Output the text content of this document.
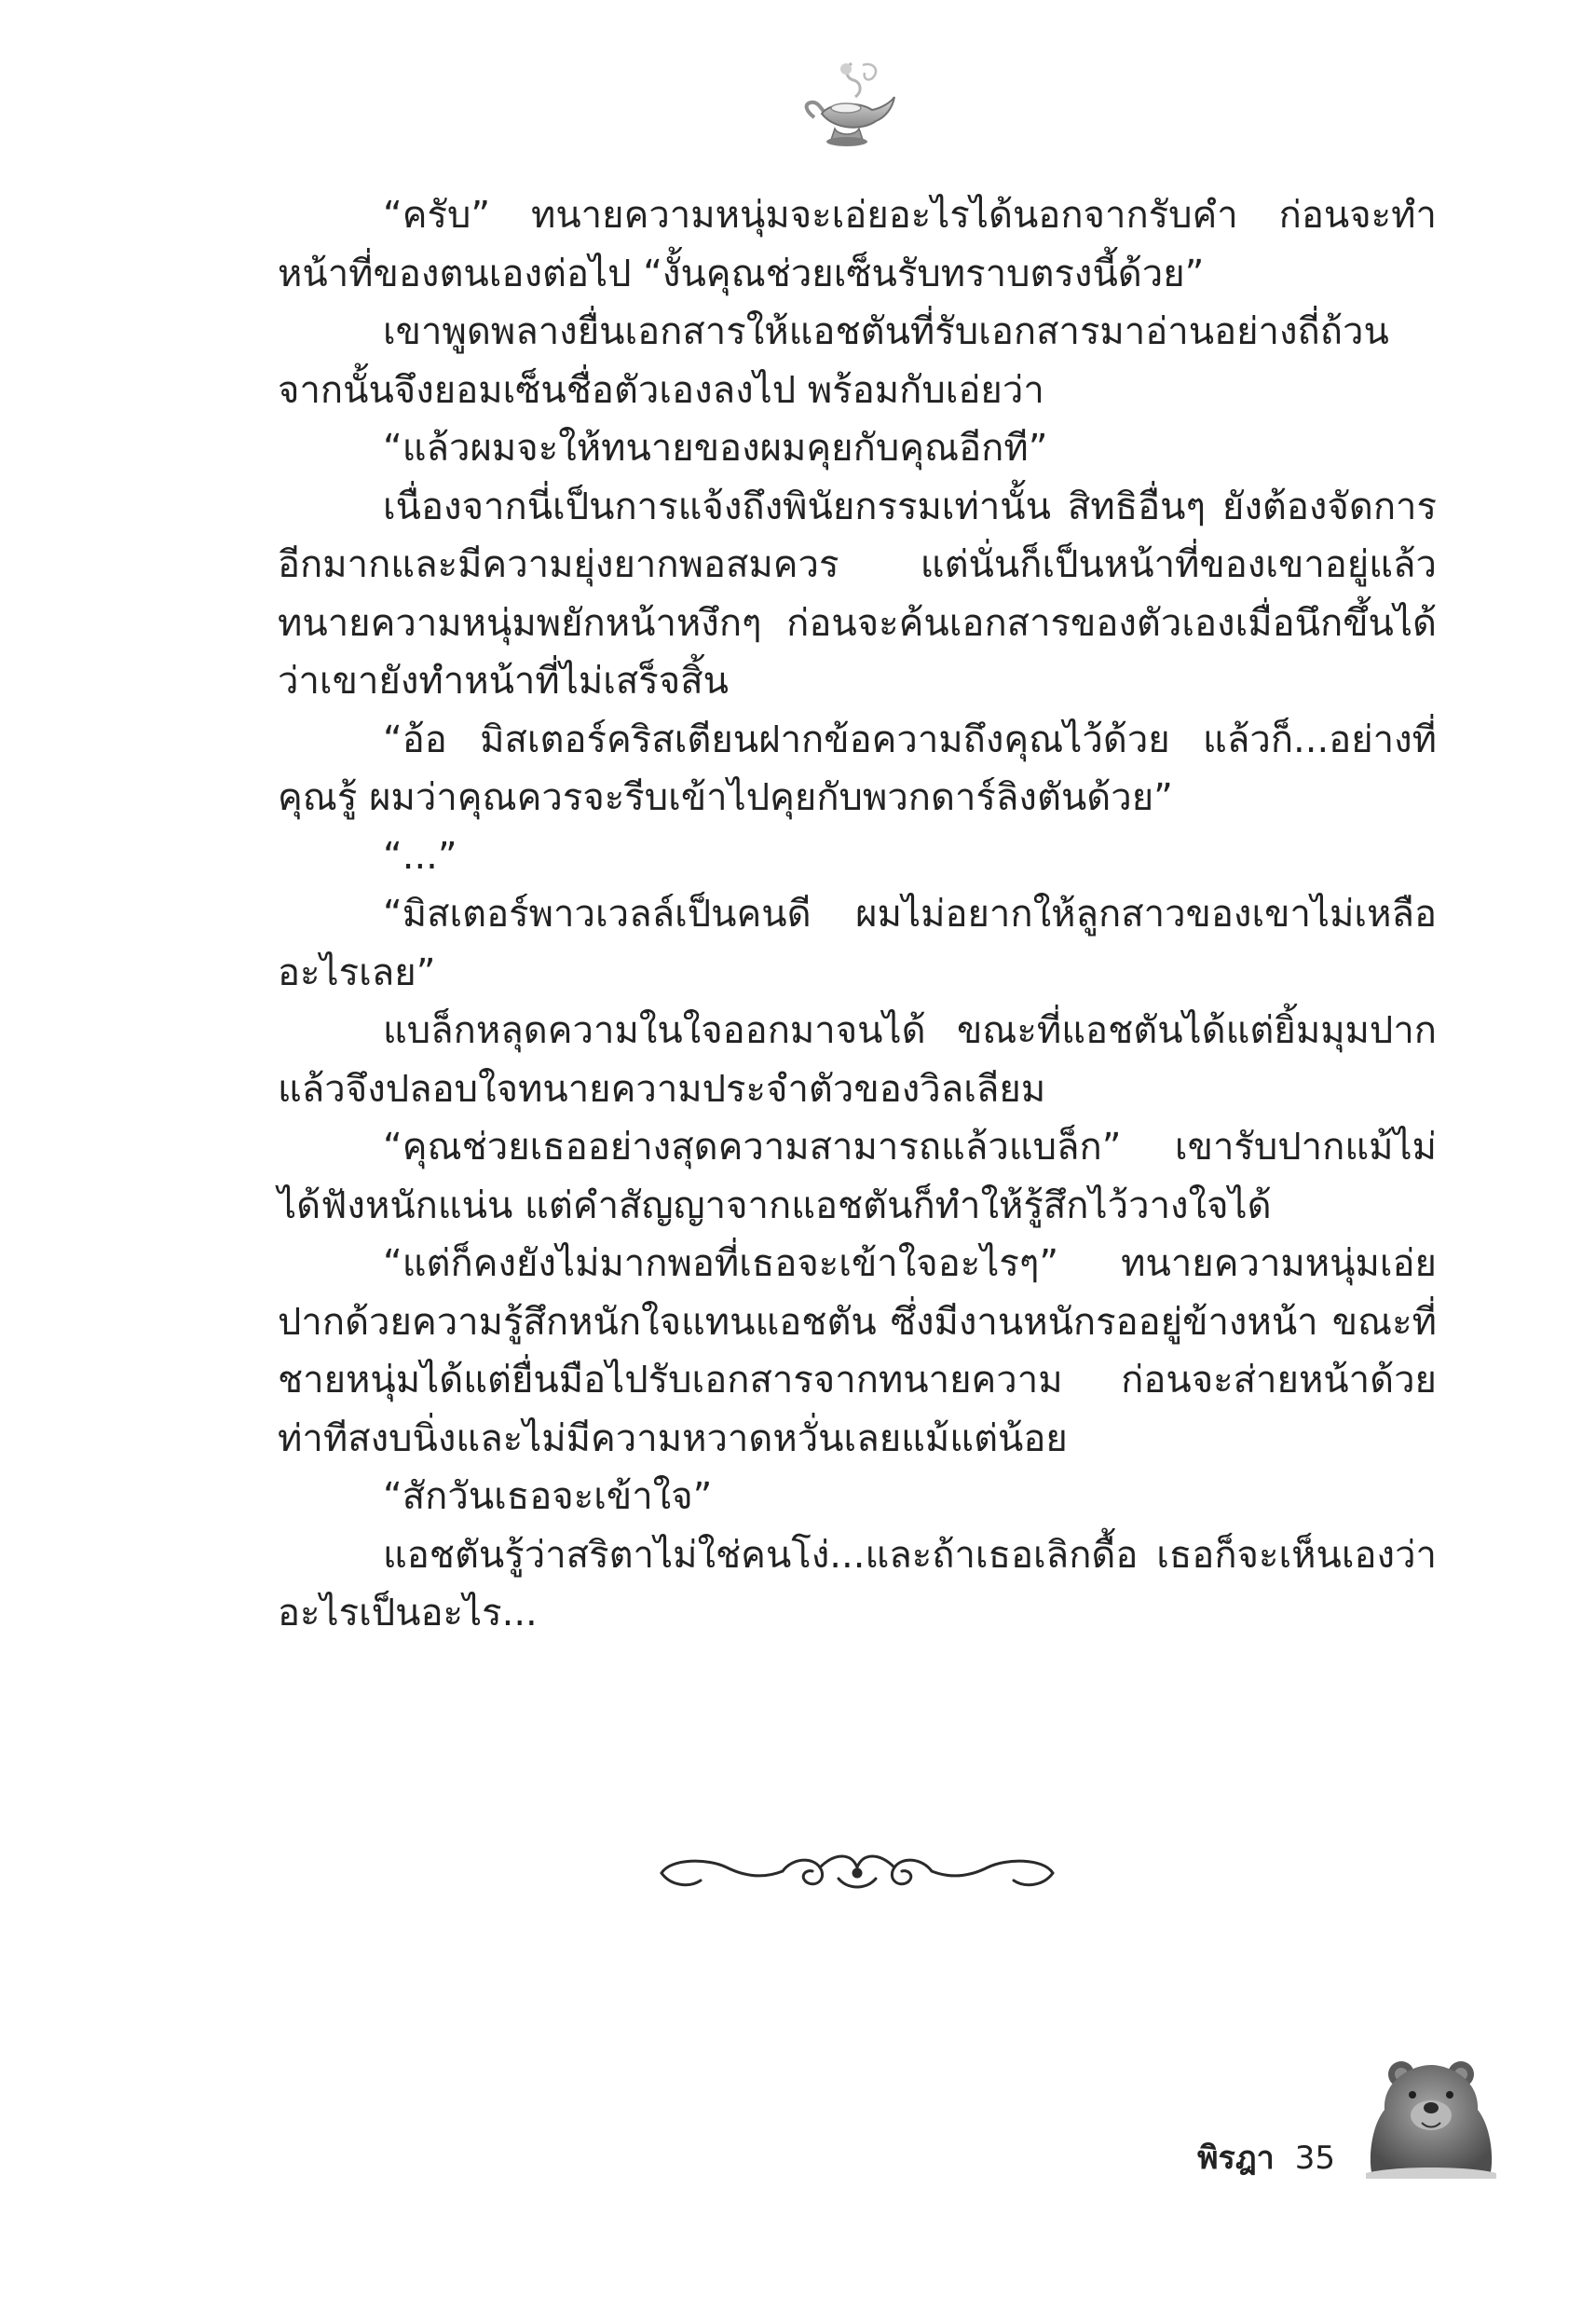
“ครับ” ทนายความหนุ่มจะเอ่ยอะไรได้นอกจากรับคำ ก่อนจะทำหน้าที่ของตนเองต่อไป “งั้นคุณช่วยเซ็นรับทราบตรงนี้ด้วย”

เขาพูดพลางยื่นเอกสารให้แอชตันที่รับเอกสารมาอ่านอย่างถี่ถ้วน จากนั้นจึงยอมเซ็นชื่อตัวเองลงไป พร้อมกับเอ่ยว่า

“แล้วผมจะให้ทนายของผมคุยกับคุณอีกที”

เนื่องจากนี่เป็นการแจ้งถึงพินัยกรรมเท่านั้น สิทธิอื่นๆ ยังต้องจัดการอีกมากและมีความยุ่งยากพอสมควร แต่นั่นก็เป็นหน้าที่ของเขาอยู่แล้ว ทนายความหนุ่มพยักหน้าหงึกๆ ก่อนจะค้นเอกสารของตัวเองเมื่อนึกขึ้นได้ว่าเขายังทำหน้าที่ไม่เสร็จสิ้น

“อ้อ มิสเตอร์คริสเตียนฝากข้อความถึงคุณไว้ด้วย แล้วก็...อย่างที่คุณรู้ ผมว่าคุณควรจะรีบเข้าไปคุยกับพวกดาร์ลิงตันด้วย”

“...”

“มิสเตอร์พาวเวลล์เป็นคนดี ผมไม่อยากให้ลูกสาวของเขาไม่เหลืออะไรเลย”

แบล็กหลุดความในใจออกมาจนได้ ขณะที่แอชตันได้แต่ยิ้มมุมปากแล้วจึงปลอบใจทนายความประจำตัวของวิลเลียม

“คุณช่วยเธออย่างสุดความสามารถแล้วแบล็ก” เขารับปากแม้ไม่ได้ฟังหนักแน่น แต่คำสัญญาจากแอชตันก็ทำให้รู้สึกไว้วางใจได้

“แต่ก็คงยังไม่มากพอที่เธอจะเข้าใจอะไรๆ” ทนายความหนุ่มเอ่ยปากด้วยความรู้สึกหนักใจแทนแอชตัน ซึ่งมีงานหนักรออยู่ข้างหน้า ขณะที่ชายหนุ่มได้แต่ยื่นมือไปรับเอกสารจากทนายความ ก่อนจะส่ายหน้าด้วยท่าทีสงบนิ่งและไม่มีความหวาดหวั่นเลยแม้แต่น้อย

“สักวันเธอจะเข้าใจ”

แอชตันรู้ว่าสริตาไม่ใช่คนโง่...และถ้าเธอเลิกดื้อ เธอก็จะเห็นเองว่าอะไรเป็นอะไร...

พิรฎา 35
